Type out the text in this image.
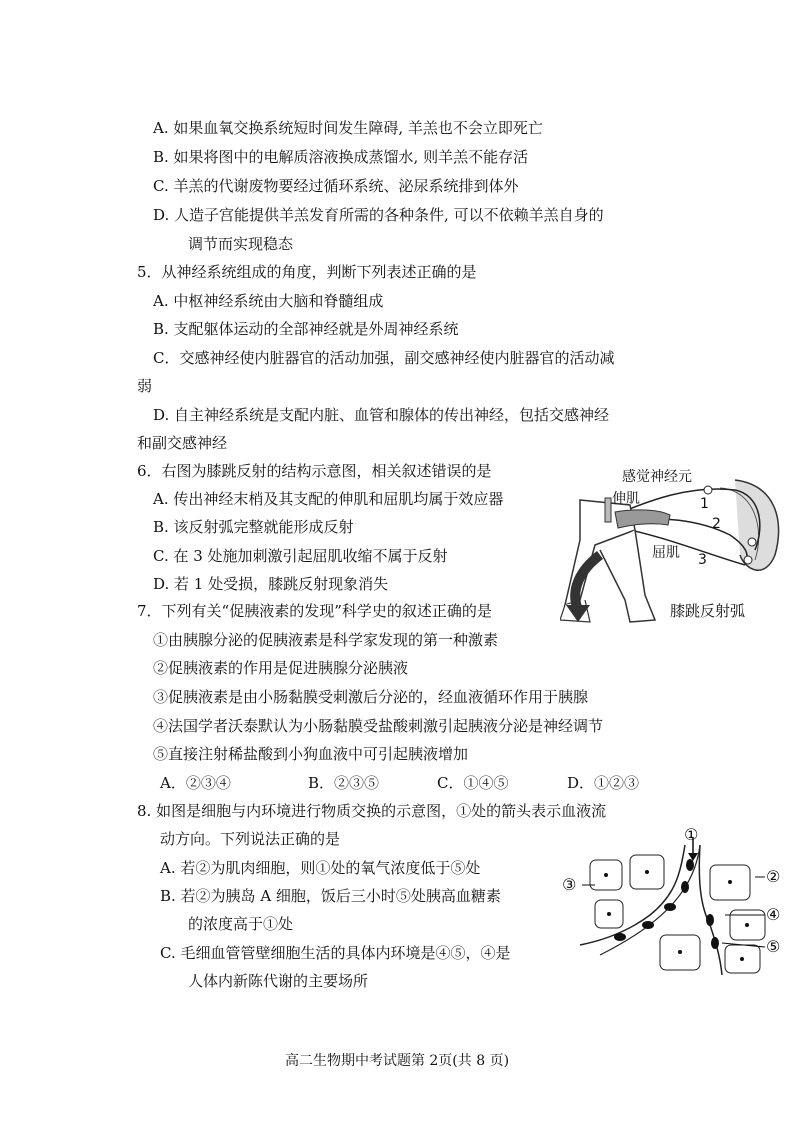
A. 如果血氧交换系统短时间发生障碍, 羊羔也不会立即死亡
B. 如果将图中的电解质溶液换成蒸馏水, 则羊羔不能存活
C. 羊羔的代谢废物要经过循环系统、泌尿系统排到体外
D. 人造子宫能提供羊羔发育所需的各种条件, 可以不依赖羊羔自身的
调节而实现稳态
5．从神经系统组成的角度，判断下列表述正确的是
A. 中枢神经系统由大脑和脊髓组成
B. 支配躯体运动的全部神经就是外周神经系统
C．交感神经使内脏器官的活动加强，副交感神经使内脏器官的活动减
弱
D. 自主神经系统是支配内脏、血管和腺体的传出神经，包括交感神经
和副交感神经
6．右图为膝跳反射的结构示意图，相关叙述错误的是
A. 传出神经末梢及其支配的伸肌和屈肌均属于效应器
B. 该反射弧完整就能形成反射
C. 在 3 处施加刺激引起屈肌收缩不属于反射
D. 若 1 处受损，膝跳反射现象消失
感觉神经元
伸肌
屈肌
1
2
3
膝跳反射弧
7．下列有关“促胰液素的发现”科学史的叙述正确的是
①由胰腺分泌的促胰液素是科学家发现的第一种激素
②促胰液素的作用是促进胰腺分泌胰液
③促胰液素是由小肠黏膜受刺激后分泌的，经血液循环作用于胰腺
④法国学者沃泰默认为小肠黏膜受盐酸刺激引起胰液分泌是神经调节
⑤直接注射稀盐酸到小狗血液中可引起胰液增加
A．②③④	B．②③⑤	C．①④⑤	D．①②③
8. 如图是细胞与内环境进行物质交换的示意图，①处的箭头表示血液流
动方向。下列说法正确的是
A. 若②为肌肉细胞，则①处的氧气浓度低于⑤处
B. 若②为胰岛 A 细胞，饭后三小时⑤处胰高血糖素
的浓度高于①处
C. 毛细血管管壁细胞生活的具体内环境是④⑤，④是
人体内新陈代谢的主要场所
①
②
③
④
⑤
高二生物期中考试题第 2页(共 8 页)
